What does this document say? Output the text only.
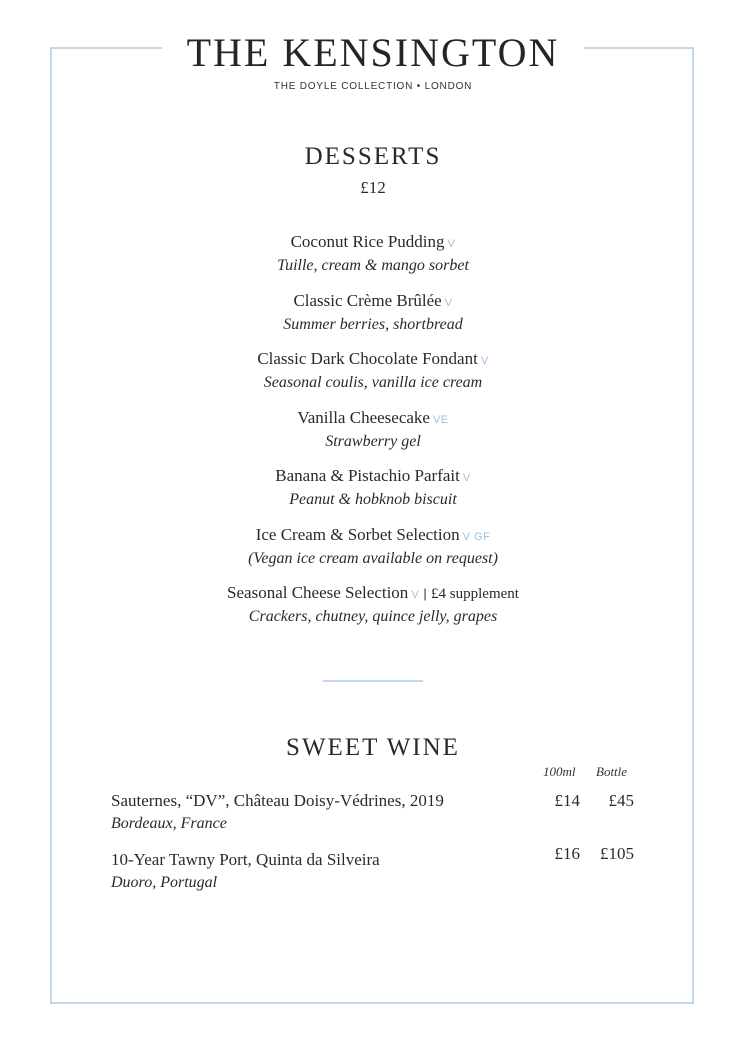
THE KENSINGTON
THE DOYLE COLLECTION • LONDON
DESSERTS
£12
Coconut Rice Pudding V
Tuille, cream & mango sorbet
Classic Crème Brûlée V
Summer berries, shortbread
Classic Dark Chocolate Fondant V
Seasonal coulis, vanilla ice cream
Vanilla Cheesecake VE
Strawberry gel
Banana & Pistachio Parfait V
Peanut & hobknob biscuit
Ice Cream & Sorbet Selection V GF
(Vegan ice cream available on request)
Seasonal Cheese Selection V | £4 supplement
Crackers, chutney, quince jelly, grapes
SWEET WINE
100ml Bottle
Sauternes, “DV”, Château Doisy-Védrines, 2019
Bordeaux, France
£14 £45
10-Year Tawny Port, Quinta da Silveira
Duoro, Portugal
£16 £105
